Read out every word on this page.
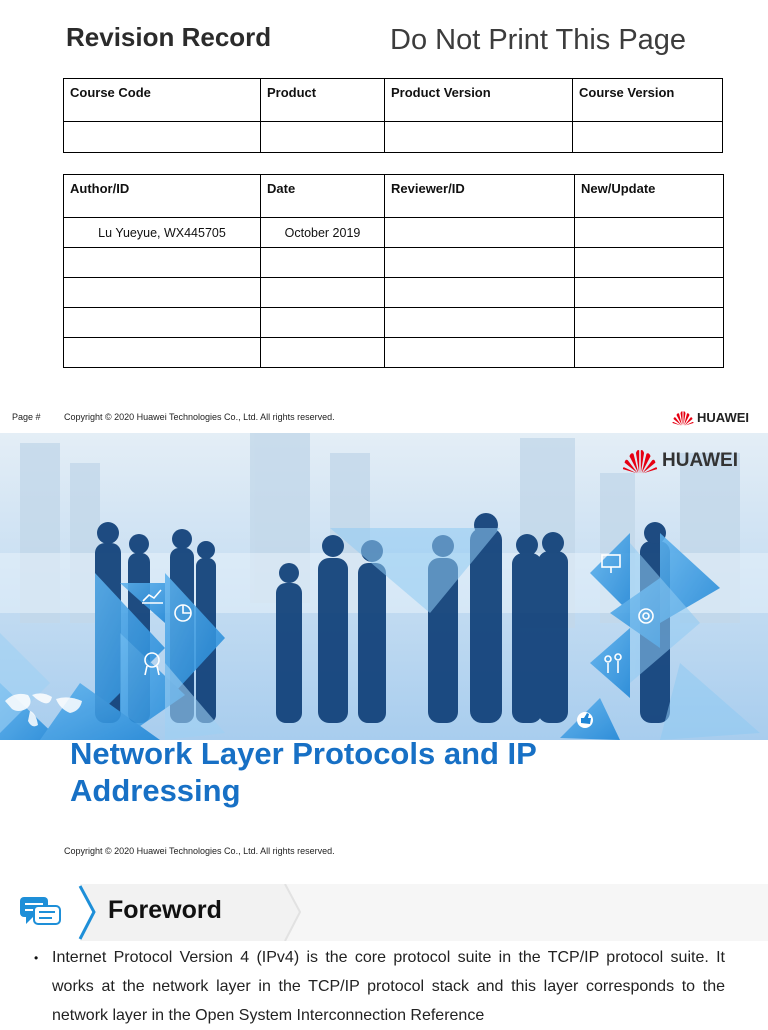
Revision Record	Do Not Print This Page
Course Code	Product	Product Version	Course Version

Author/ID	Date	Reviewer/ID	New/Update
Lu Yueyue, WX445705	October 2019		

Page #	Copyright © 2020 Huawei Technologies Co., Ltd. All rights reserved.	HUAWEI
HUAWEI
Network Layer Protocols and IP Addressing
Copyright © 2020 Huawei Technologies Co., Ltd. All rights reserved.
Foreword
• Internet Protocol Version 4 (IPv4) is the core protocol suite in the TCP/IP protocol suite. It works at the network layer in the TCP/IP protocol stack and this layer corresponds to the network layer in the Open System Interconnection Reference
